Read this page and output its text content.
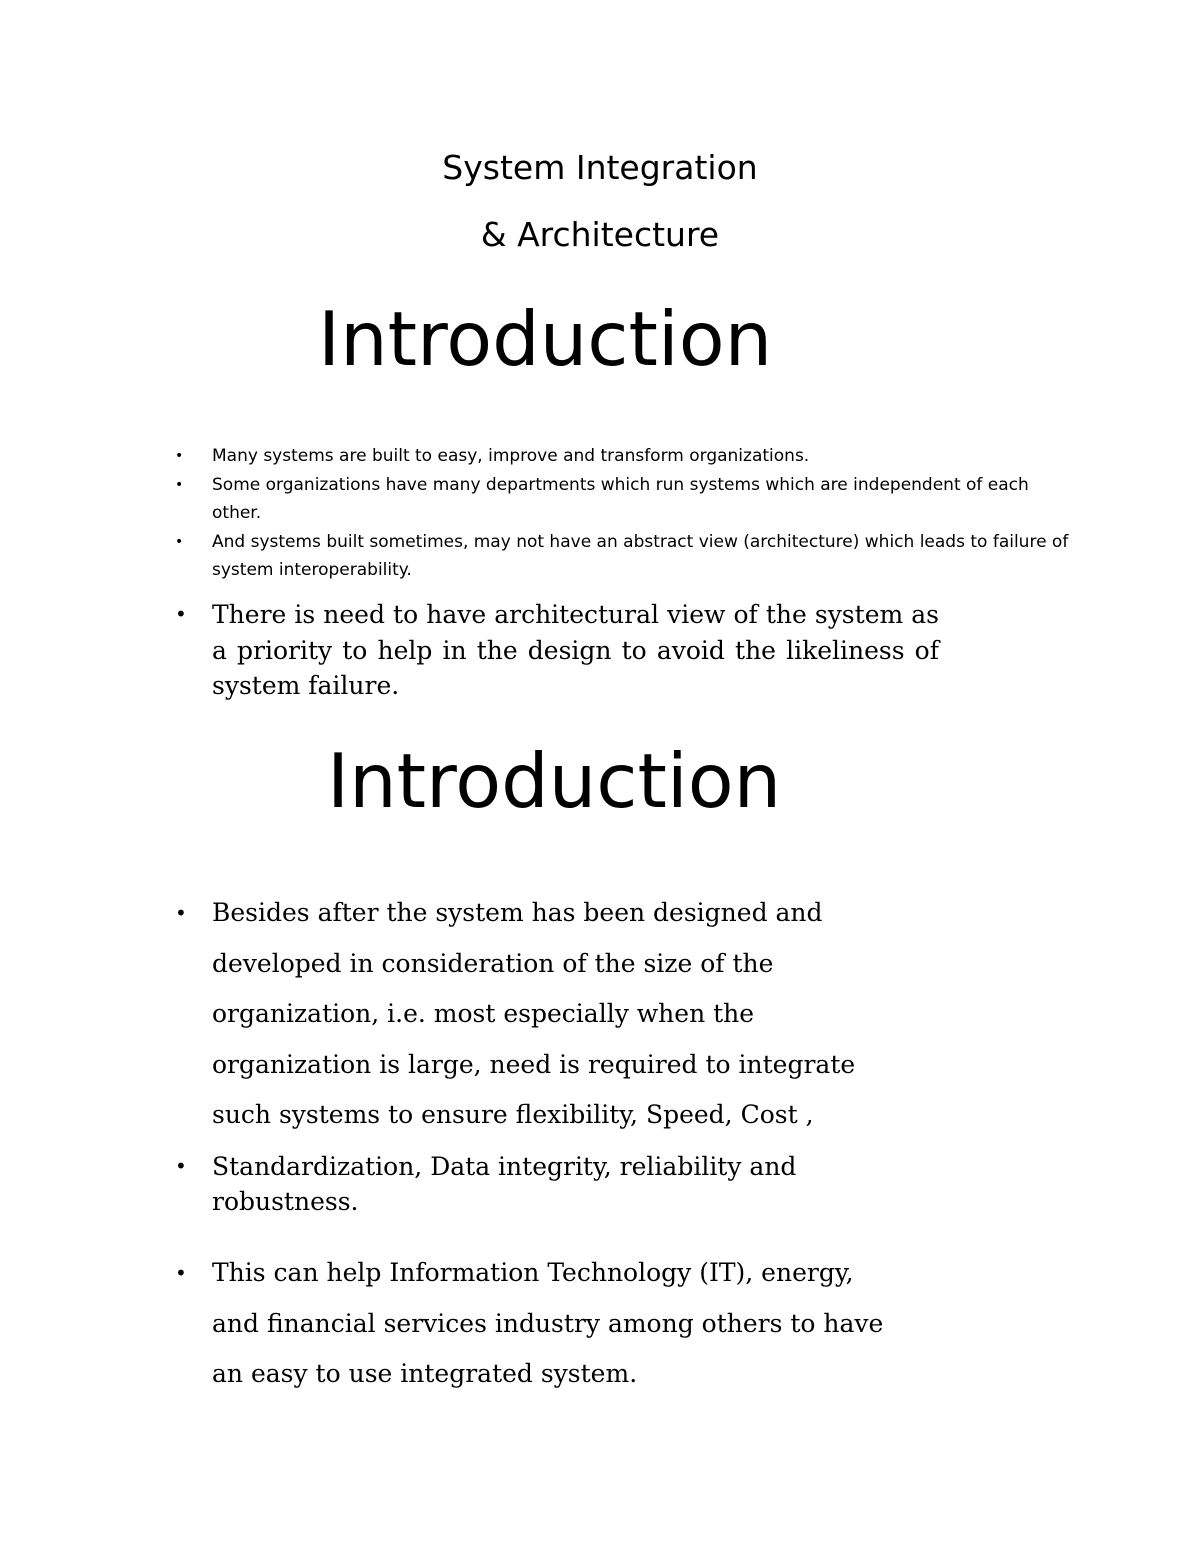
System Integration
& Architecture
Introduction
• Many systems are built to easy, improve and transform organizations.
• Some organizations have many departments which run systems which are independent of each other.
• And systems built sometimes, may not have an abstract view (architecture) which leads to failure of system interoperability.
• There is need to have architectural view of the system as a priority to help in the design to avoid the likeliness of system failure.
Introduction
• Besides after the system has been designed and
developed in consideration of the size of the
organization, i.e. most especially when the
organization is large, need is required to integrate
such systems to ensure flexibility, Speed, Cost ,
• Standardization, Data integrity, reliability and
robustness.
• This can help Information Technology (IT), energy,
and financial services industry among others to have
an easy to use integrated system.
